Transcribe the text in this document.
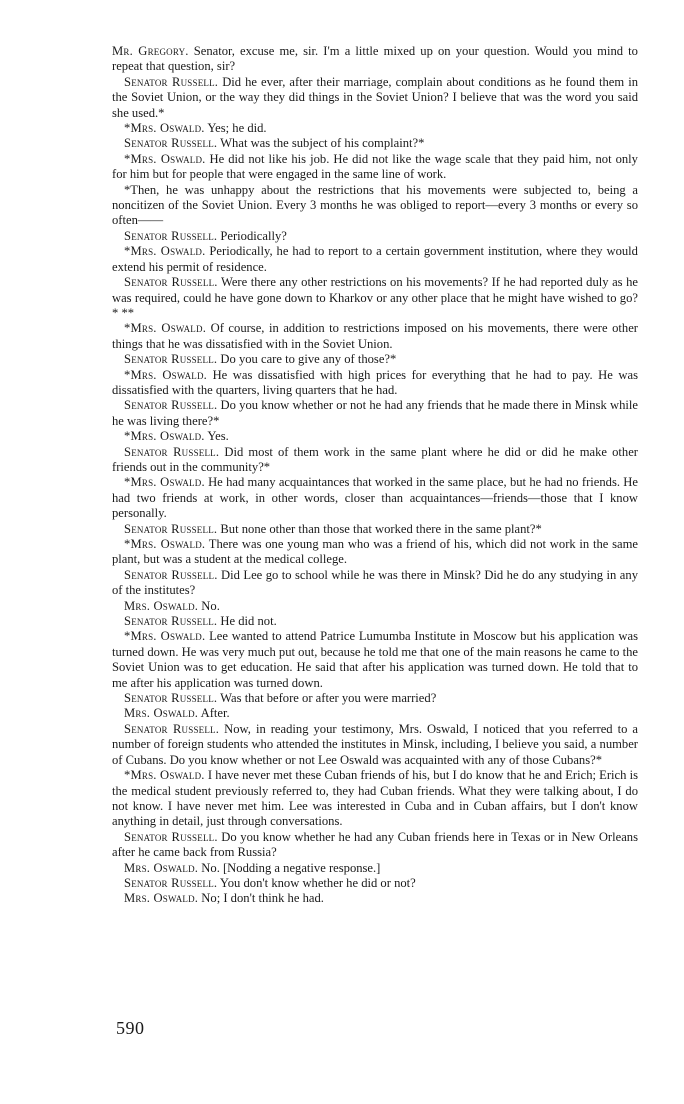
Mr. Gregory. Senator, excuse me, sir. I'm a little mixed up on your question. Would you mind to repeat that question, sir?

Senator Russell. Did he ever, after their marriage, complain about conditions as he found them in the Soviet Union, or the way they did things in the Soviet Union? I believe that was the word you said she used.*

*Mrs. Oswald. Yes; he did.

Senator Russell. What was the subject of his complaint?*

*Mrs. Oswald. He did not like his job. He did not like the wage scale that they paid him, not only for him but for people that were engaged in the same line of work.

*Then, he was unhappy about the restrictions that his movements were subjected to, being a noncitizen of the Soviet Union. Every 3 months he was obliged to report—every 3 months or every so often——

Senator Russell. Periodically?

*Mrs. Oswald. Periodically, he had to report to a certain government institution, where they would extend his permit of residence.

Senator Russell. Were there any other restrictions on his movements? If he had reported duly as he was required, could he have gone down to Kharkov or any other place that he might have wished to go? * **

*Mrs. Oswald. Of course, in addition to restrictions imposed on his movements, there were other things that he was dissatisfied with in the Soviet Union.

Senator Russell. Do you care to give any of those?*

*Mrs. Oswald. He was dissatisfied with high prices for everything that he had to pay. He was dissatisfied with the quarters, living quarters that he had.

Senator Russell. Do you know whether or not he had any friends that he made there in Minsk while he was living there?*

*Mrs. Oswald. Yes.

Senator Russell. Did most of them work in the same plant where he did or did he make other friends out in the community?*

*Mrs. Oswald. He had many acquaintances that worked in the same place, but he had no friends. He had two friends at work, in other words, closer than acquaintances—friends—those that I know personally.

Senator Russell. But none other than those that worked there in the same plant?*

*Mrs. Oswald. There was one young man who was a friend of his, which did not work in the same plant, but was a student at the medical college.

Senator Russell. Did Lee go to school while he was there in Minsk? Did he do any studying in any of the institutes?

Mrs. Oswald. No.

Senator Russell. He did not.

*Mrs. Oswald. Lee wanted to attend Patrice Lumumba Institute in Moscow but his application was turned down. He was very much put out, because he told me that one of the main reasons he came to the Soviet Union was to get education. He said that after his application was turned down. He told that to me after his application was turned down.

Senator Russell. Was that before or after you were married?

Mrs. Oswald. After.

Senator Russell. Now, in reading your testimony, Mrs. Oswald, I noticed that you referred to a number of foreign students who attended the institutes in Minsk, including, I believe you said, a number of Cubans. Do you know whether or not Lee Oswald was acquainted with any of those Cubans?*

*Mrs. Oswald. I have never met these Cuban friends of his, but I do know that he and Erich; Erich is the medical student previously referred to, they had Cuban friends. What they were talking about, I do not know. I have never met him. Lee was interested in Cuba and in Cuban affairs, but I don't know anything in detail, just through conversations.

Senator Russell. Do you know whether he had any Cuban friends here in Texas or in New Orleans after he came back from Russia?

Mrs. Oswald. No. [Nodding a negative response.]

Senator Russell. You don't know whether he did or not?

Mrs. Oswald. No; I don't think he had.

590
